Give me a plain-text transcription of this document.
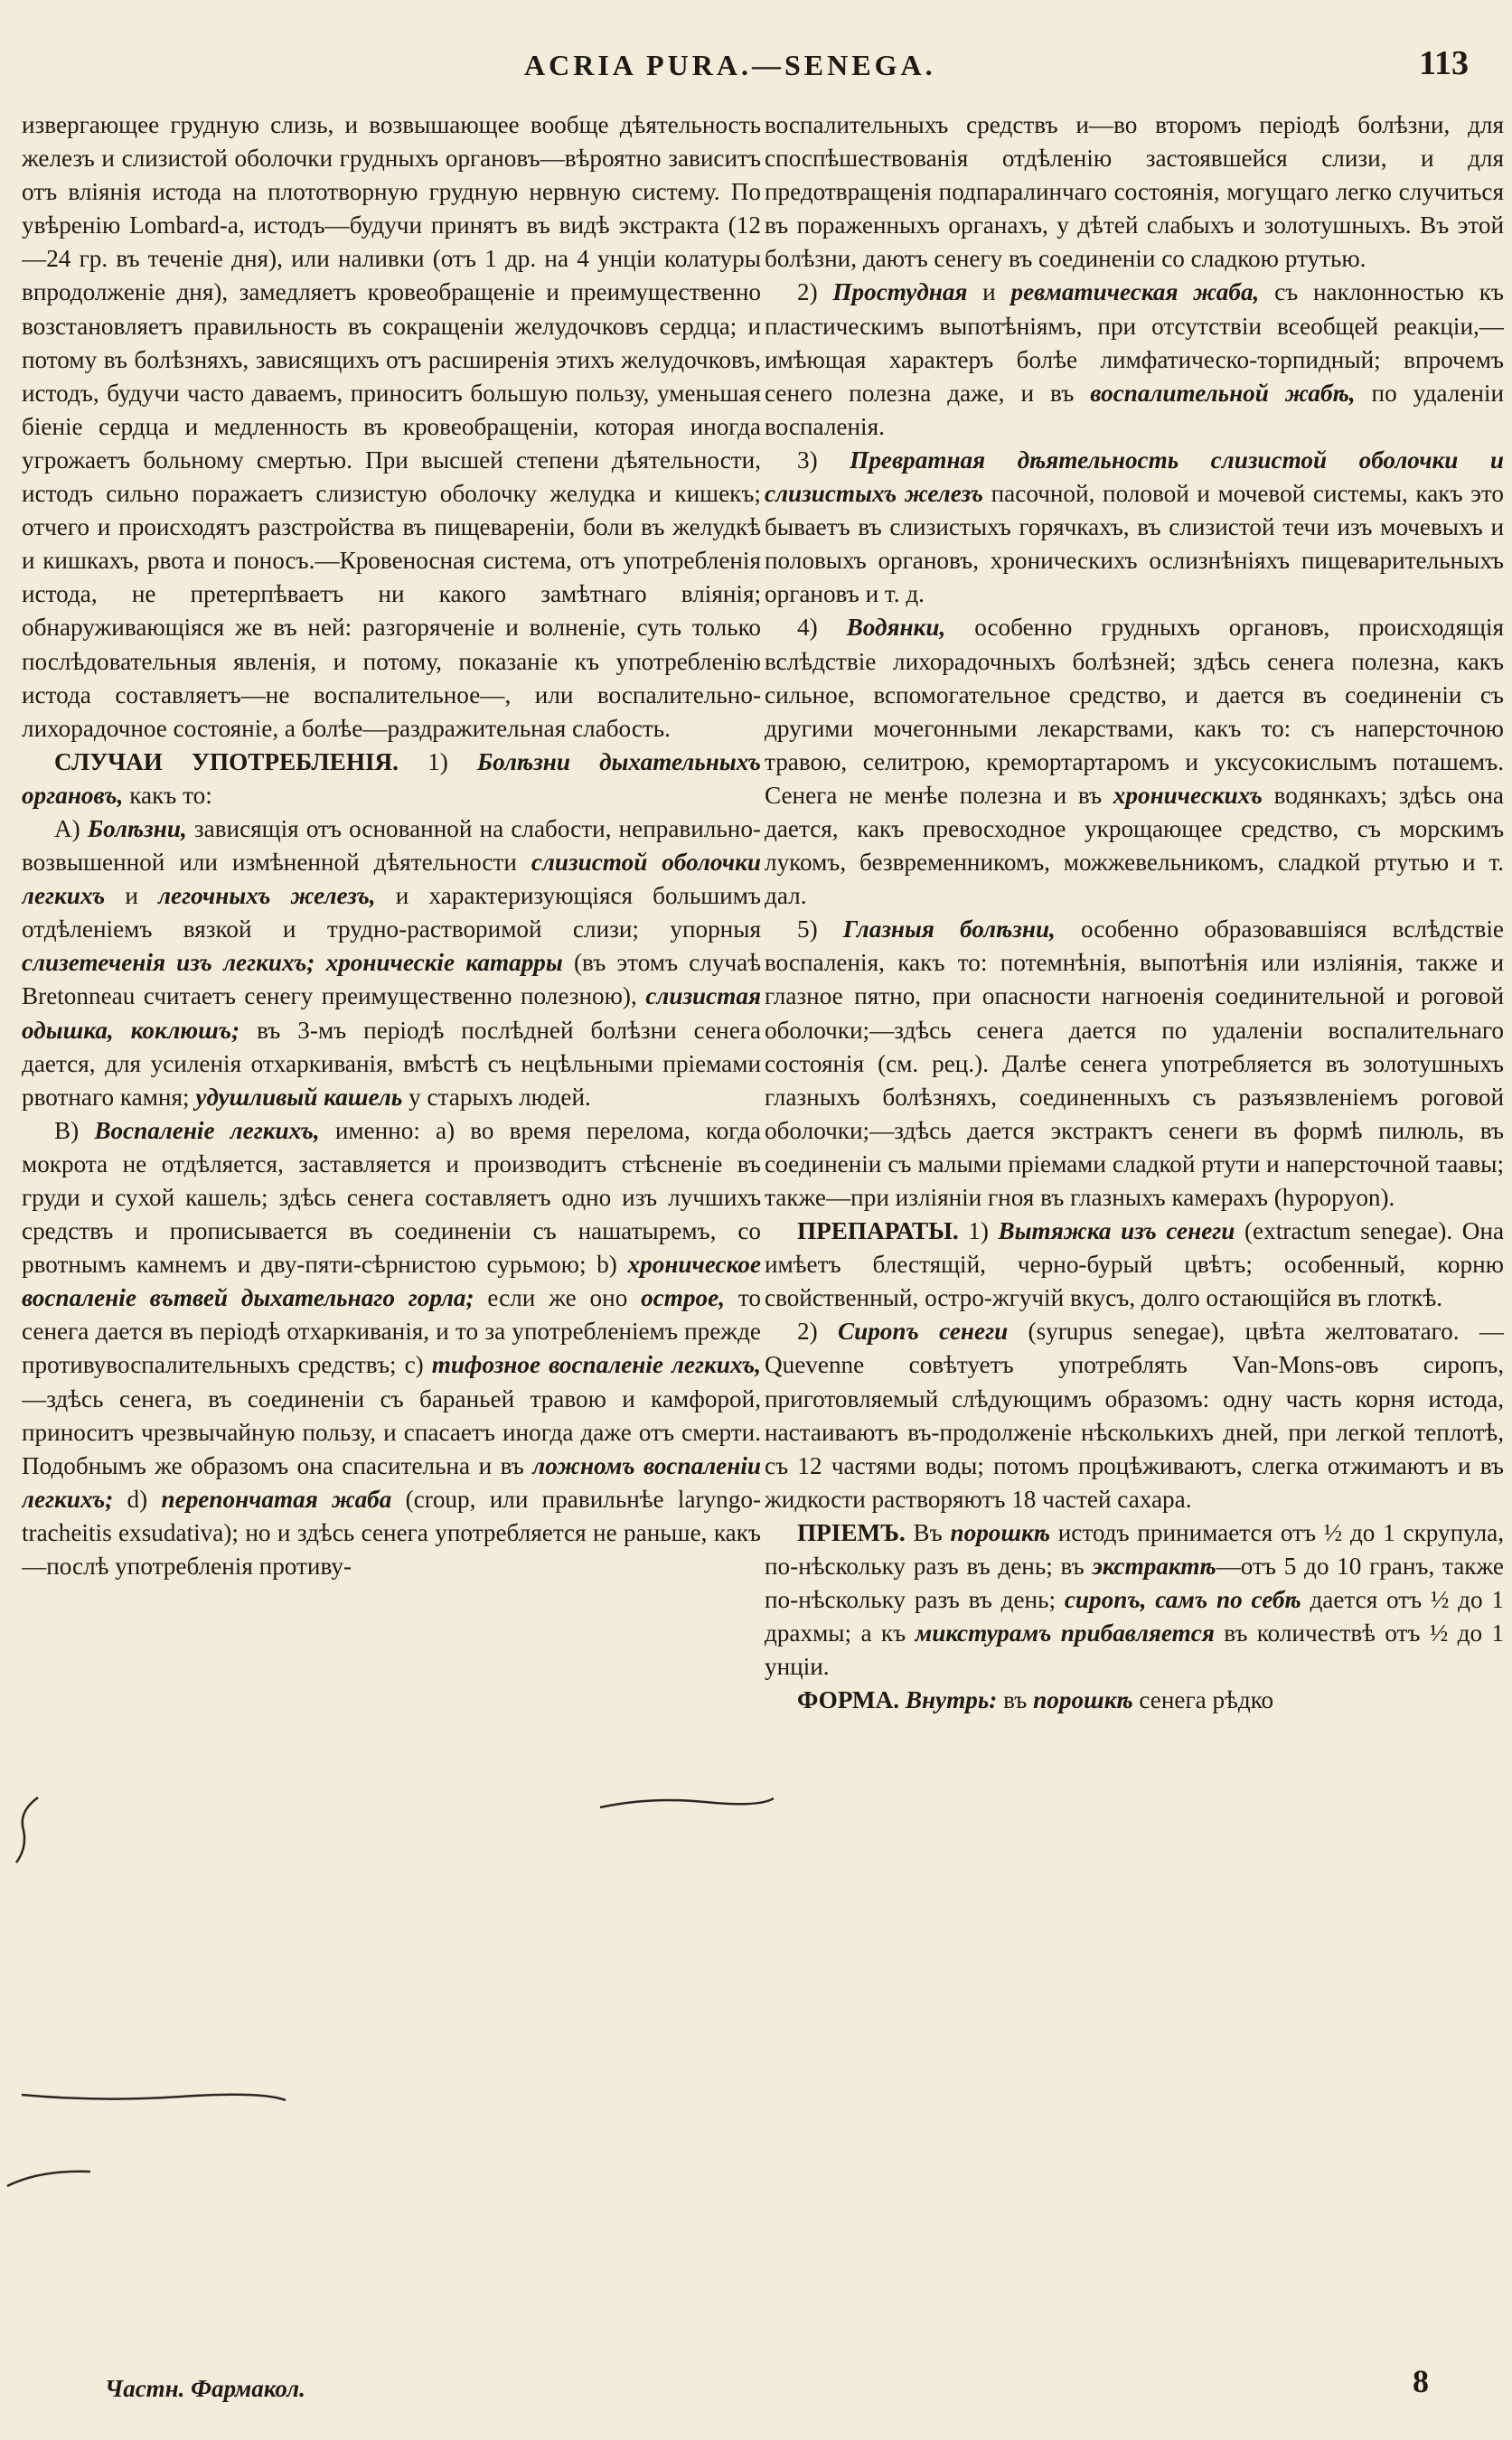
ACRIA PURA.—SENEGA.	113

извергающее грудную слизь, и возвышающее вообще дѣятельность железъ и слизистой оболочки грудныхъ органовъ—вѣроятно зависитъ отъ вліянія истода на плототворную грудную нервную систему. По увѣренію Lombard-а, истодъ—будучи принятъ въ видѣ экстракта (12—24 гр. въ теченіе дня), или наливки (отъ 1 др. на 4 унціи колатуры впродолженіе дня), замедляетъ кровеобращеніе и преимущественно возстановляетъ правильность въ сокращеніи желудочковъ сердца; и потому въ болѣзняхъ, зависящихъ отъ расширенія этихъ желудочковъ, истодъ, будучи часто даваемъ, приноситъ большую пользу, уменьшая біеніе сердца и медленность въ кровеобращеніи, которая иногда угрожаетъ больному смертью. При высшей степени дѣятельности, истодъ сильно поражаетъ слизистую оболочку желудка и кишекъ; отчего и происходятъ разстройства въ пищевареніи, боли въ желудкѣ и кишкахъ, рвота и поносъ.—Кровеносная система, отъ употребленія истода, не претерпѣваетъ ни какого замѣтнаго вліянія; обнаруживающіяся же въ ней: разгоряченіе и волненіе, суть только послѣдовательныя явленія, и потому, показаніе къ употребленію истода составляетъ—не воспалительное—, или воспалительно-лихорадочное состояніе, а болѣе—раздражительная слабость.

СЛУЧАИ УПОТРЕБЛЕНІЯ. 1) Болѣзни дыхательныхъ органовъ, какъ то:

А) Болѣзни, зависящія отъ основанной на слабости, неправильно-возвышенной или измѣненной дѣятельности слизистой оболочки легкихъ и легочныхъ железъ, и характеризующіяся большимъ отдѣленіемъ вязкой и трудно-растворимой слизи; упорныя слизетеченія изъ легкихъ; хроническіе катарры (въ этомъ случаѣ Bretonneau считаетъ сенегу преимущественно полезною), слизистая одышка, коклюшъ; въ 3-мъ періодѣ послѣдней болѣзни сенега дается, для усиленія отхаркиванія, вмѣстѣ съ нецѣльными пріемами рвотнаго камня; удушливый кашель у старыхъ людей.

В) Воспаленіе легкихъ, именно: a) во время перелома, когда мокрота не отдѣляется, заставляется и производитъ стѣсненіе въ груди и сухой кашель; здѣсь сенега составляетъ одно изъ лучшихъ средствъ и прописывается въ соединеніи съ нашатыремъ, со рвотнымъ камнемъ и дву-пяти-сѣрнистою сурьмою; b) хроническое воспаленіе вътвей дыхательнаго горла; если же оно острое, то сенега дается въ періодѣ отхаркиванія, и то за употребленіемъ прежде противувоспалительныхъ средствъ; c) тифозное воспаленіе легкихъ,—здѣсь сенега, въ соединеніи съ бараньей травою и камфорой, приноситъ чрезвычайную пользу, и спасаетъ иногда даже отъ смерти. Подобнымъ же образомъ она спасительна и въ ложномъ воспаленіи легкихъ; d) перепончатая жаба (croup, или правильнѣе laryngo-tracheitis exsudativa); но и здѣсь сенега употребляется не раньше, какъ—послѣ употребленія противу-

воспалительныхъ средствъ и—во второмъ періодѣ болѣзни, для споспѣшествованія отдѣленію застоявшейся слизи, и для предотвращенія подпаралинчаго состоянія, могущаго легко случиться въ пораженныхъ органахъ, у дѣтей слабыхъ и золотушныхъ. Въ этой болѣзни, даютъ сенегу въ соединеніи со сладкою ртутью.

2) Простудная и ревматическая жаба, съ наклонностью къ пластическимъ выпотѣніямъ, при отсутствіи всеобщей реакціи,—имѣющая характеръ болѣе лимфатическо-торпидный; впрочемъ сенего полезна даже, и въ воспалительной жабѣ, по удаленіи воспаленія.

3) Превратная дѣятельность слизистой оболочки и слизистыхъ железъ пасочной, половой и мочевой системы, какъ это бываетъ въ слизистыхъ горячкахъ, въ слизистой течи изъ мочевыхъ и половыхъ органовъ, хроническихъ ослизнѣніяхъ пищеварительныхъ органовъ и т. д.

4) Водянки, особенно грудныхъ органовъ, происходящія вслѣдствіе лихорадочныхъ болѣзней; здѣсь сенега полезна, какъ сильное, вспомогательное средство, и дается въ соединеніи съ другими мочегонными лекарствами, какъ то: съ наперсточною травою, селитрою, кремортартаромъ и уксусокислымъ поташемъ. Сенега не менѣе полезна и въ хроническихъ водянкахъ; здѣсь она дается, какъ превосходное укрощающее средство, съ морскимъ лукомъ, безвременникомъ, можжевельникомъ, сладкой ртутью и т. дал.

5) Глазныя болѣзни, особенно образовавшіяся вслѣдствіе воспаленія, какъ то: потемнѣнія, выпотѣнія или изліянія, также и глазное пятно, при опасности нагноенія соединительной и роговой оболочки;—здѣсь сенега дается по удаленіи воспалительнаго состоянія (см. рец.). Далѣе сенега употребляется въ золотушныхъ глазныхъ болѣзняхъ, соединенныхъ съ разъязвленіемъ роговой оболочки;—здѣсь дается экстрактъ сенеги въ формѣ пилюль, въ соединеніи съ малыми пріемами сладкой ртути и наперсточной таавы; также—при изліяніи гноя въ глазныхъ камерахъ (hypopyon).

ПРЕПАРАТЫ. 1) Вытяжка изъ сенеги (extractum senegae). Она имѣетъ блестящій, черно-бурый цвѣтъ; особенный, корню свойственный, остро-жгучій вкусъ, долго остающійся въ глоткѣ.

2) Сиропъ сенеги (syrupus senegae), цвѣта желтоватаго. — Quevenne совѣтуетъ употреблять Van-Mons-овъ сиропъ, приготовляемый слѣдующимъ образомъ: одну часть корня истода, настаиваютъ въ-продолженіе нѣсколькихъ дней, при легкой теплотѣ, съ 12 частями воды; потомъ процѣживаютъ, слегка отжимаютъ и въ жидкости растворяютъ 18 частей сахара.

ПРІЕМЪ. Въ порошкѣ истодъ принимается отъ ½ до 1 скрупула, по-нѣскольку разъ въ день; въ экстрактѣ—отъ 5 до 10 гранъ, также по-нѣскольку разъ въ день; сиропъ, самъ по себѣ дается отъ ½ до 1 драхмы; а къ микстурамъ прибавляется въ количествѣ отъ ½ до 1 унціи.

ФОРМА. Внутрь: въ порошкѣ сенега рѣдко

Частн. Фармакол.	8
